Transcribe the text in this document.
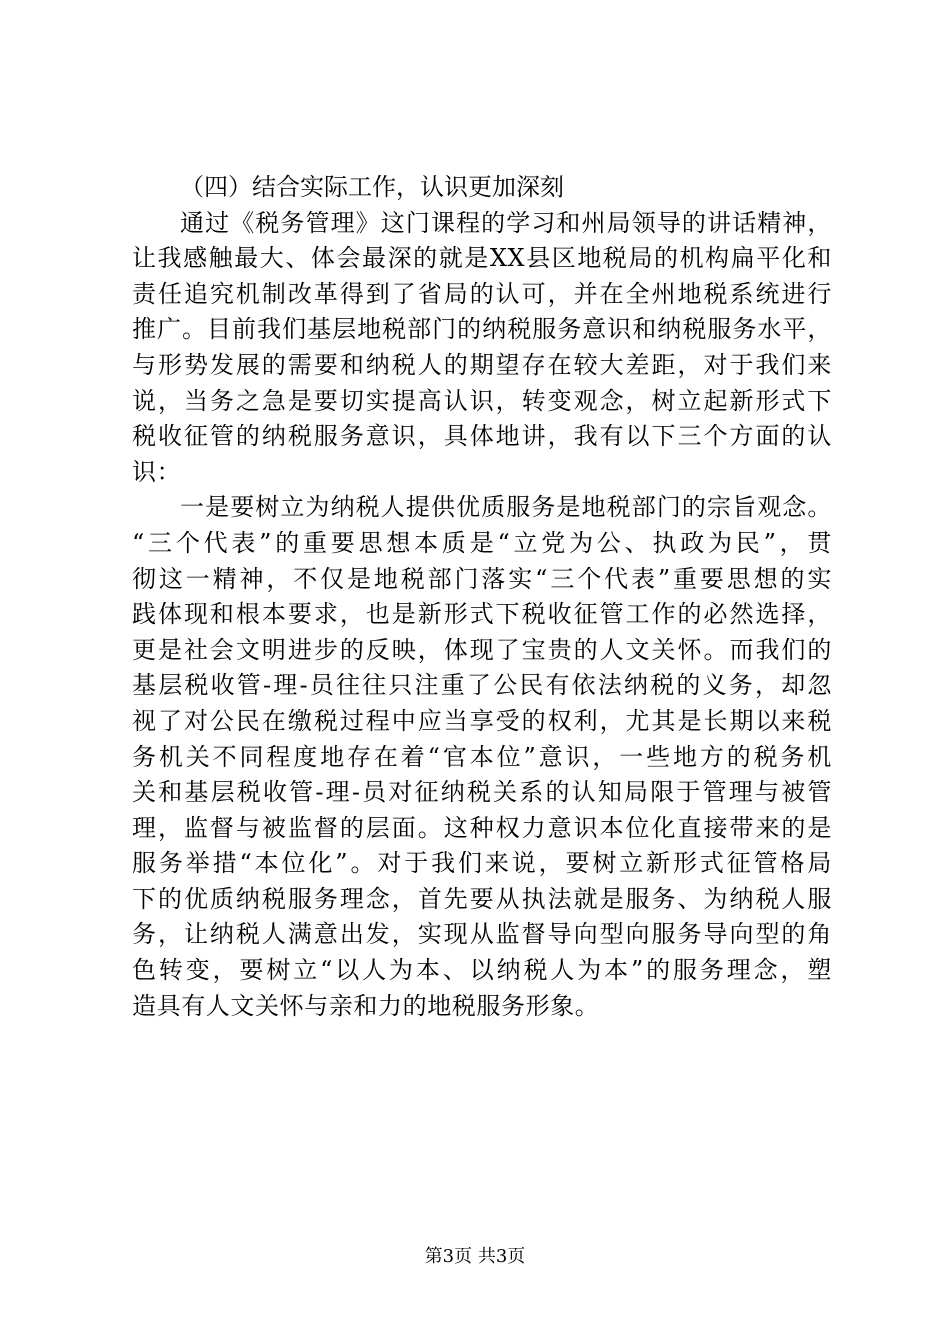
（四）结合实际工作，认识更加深刻

通过《税务管理》这门课程的学习和州局领导的讲话精神，
让我感触最大、体会最深的就是XX县区地税局的机构扁平化和
责任追究机制改革得到了省局的认可，并在全州地税系统进行
推广。目前我们基层地税部门的纳税服务意识和纳税服务水平，
与形势发展的需要和纳税人的期望存在较大差距，对于我们来
说，当务之急是要切实提高认识，转变观念，树立起新形式下
税收征管的纳税服务意识，具体地讲，我有以下三个方面的认
识：

一是要树立为纳税人提供优质服务是地税部门的宗旨观念。
“三个代表”的重要思想本质是“立党为公、执政为民”，贯
彻这一精神，不仅是地税部门落实“三个代表”重要思想的实
践体现和根本要求，也是新形式下税收征管工作的必然选择，
更是社会文明进步的反映，体现了宝贵的人文关怀。而我们的
基层税收管-理-员往往只注重了公民有依法纳税的义务，却忽
视了对公民在缴税过程中应当享受的权利，尤其是长期以来税
务机关不同程度地存在着“官本位”意识，一些地方的税务机
关和基层税收管-理-员对征纳税关系的认知局限于管理与被管
理，监督与被监督的层面。这种权力意识本位化直接带来的是
服务举措“本位化”。对于我们来说，要树立新形式征管格局
下的优质纳税服务理念，首先要从执法就是服务、为纳税人服
务，让纳税人满意出发，实现从监督导向型向服务导向型的角
色转变，要树立“以人为本、以纳税人为本”的服务理念，塑
造具有人文关怀与亲和力的地税服务形象。

第3页 共3页
